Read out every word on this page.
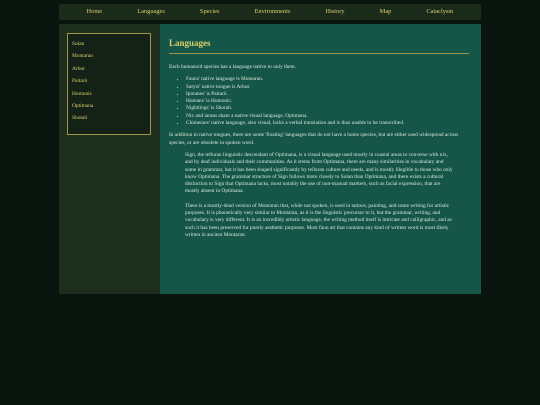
Home	Languages	Species	Environments	History	Map	Cataclysm
Solan
Montaran
Arbur
Paitarō
Homonic
Optimana
Shotali
Languages

Each humanoid species has a language native to only them.

• Fauns' native language is Montaran.
• Satyrs' native tongue is Arbur.
• Ipotanes' is Paitarō.
• Humans' is Homonic.
• Nightlings' is Shotali.
• Nix and iarans share a native visual language, Optimana.
• Chimeraes' native language, also visual, lacks a verbal translation and is thus unable to be transcribed.

In addition to native tongues, there are some 'floating' languages that do not have a home species, but are either used widespread across species, or are obsolete in spoken word.

Sign, the telluran linguistic descendant of Optimana, is a visual language used mostly in coastal areas to converse with nix, and by deaf individuals and their communities. As it stems from Optimana, there are many similarities in vocabulary and some in grammar, but it has been shaped significantly by telluran culture and needs, and is mostly illegible to those who only know Optimana. The grammar structure of Sign follows more closely to Solan than Optimana, and there exists a cultural distinction to Sign that Optimana lacks, most notably the use of non-manual markers, such as facial expression, that are mostly absent in Optimana.

There is a mostly-dead version of Montaran that, while not spoken, is used in tattoos, painting, and some writing for artistic purposes. It is phonetically very similar to Montaran, as it is the linguistic precursor to it, but the grammar, writing, and vocabulary is very different. It is an incredibly artistic language, the writing method itself is intricate and calligraphic, and as such it has been preserved for purely aesthetic purposes. Most faun art that contains any kind of written word is most likely written in ancient Montaran.
